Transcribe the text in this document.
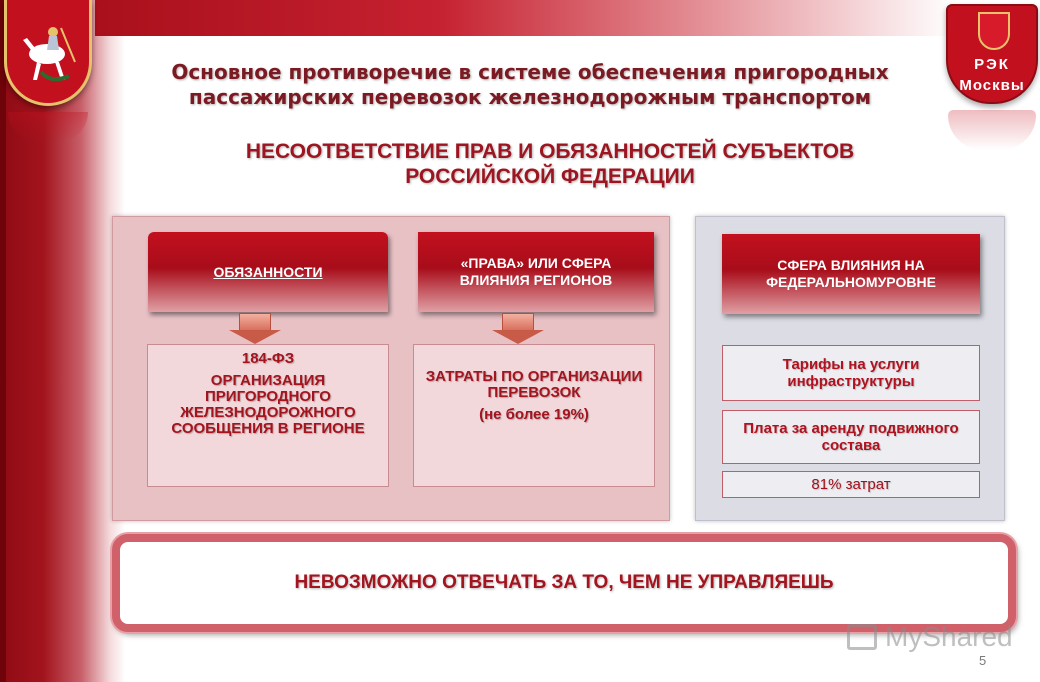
РЭК
Москвы
Основное противоречие в системе обеспечения пригородных пассажирских перевозок железнодорожным транспортом
НЕСООТВЕТСТВИЕ ПРАВ И ОБЯЗАННОСТЕЙ СУБЪЕКТОВ РОССИЙСКОЙ ФЕДЕРАЦИИ
ОБЯЗАННОСТИ
«ПРАВА» ИЛИ СФЕРА ВЛИЯНИЯ РЕГИОНОВ
СФЕРА ВЛИЯНИЯ НА ФЕДЕРАЛЬНОМУРОВНЕ
184-ФЗ
ОРГАНИЗАЦИЯ ПРИГОРОДНОГО ЖЕЛЕЗНОДОРОЖНОГО СООБЩЕНИЯ В РЕГИОНЕ
ЗАТРАТЫ ПО ОРГАНИЗАЦИИ ПЕРЕВОЗОК
(не более 19%)
Тарифы на услуги инфраструктуры
Плата за аренду подвижного состава
81% затрат
НЕВОЗМОЖНО ОТВЕЧАТЬ ЗА ТО, ЧЕМ НЕ УПРАВЛЯЕШЬ
MyShared
5
